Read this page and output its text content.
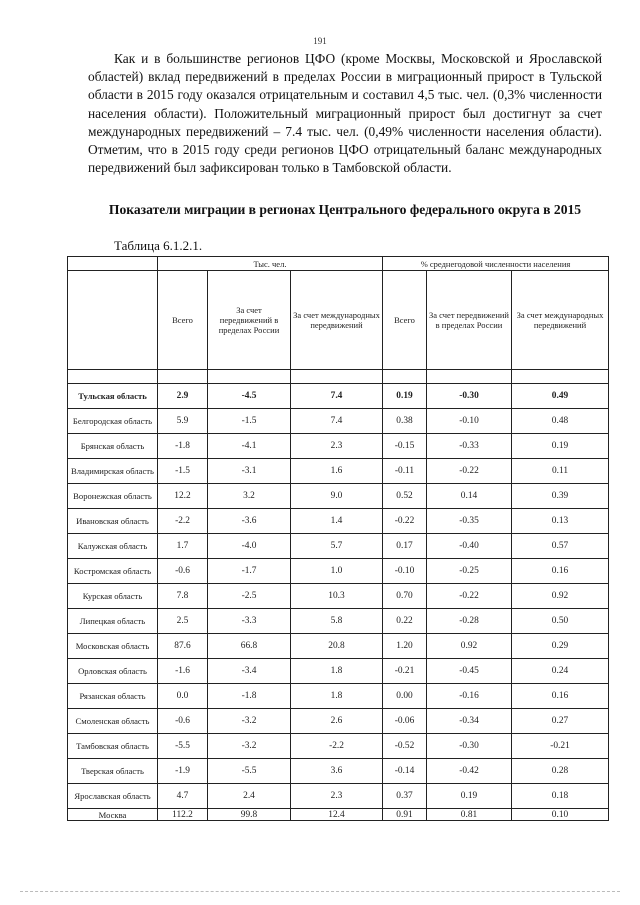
191

Как и в большинстве регионов ЦФО (кроме Москвы, Московской и Ярославской областей) вклад передвижений в пределах России в миграционный прирост в Тульской области в 2015 году оказался отрицательным и составил 4,5 тыс. чел. (0,3% численности населения области). Положительный миграционный прирост был достигнут за счет международных передвижений – 7.4 тыс. чел. (0,49% численности населения области). Отметим, что в 2015 году среди регионов ЦФО отрицательный баланс международных передвижений был зафиксирован только в Тамбовской области.

Показатели миграции в регионах Центрального федерального округа в 2015

Таблица 6.1.2.1.

	Тыс. чел.			% среднегодовой численности населения		
	Всего	За счет передвижений в пределах России	За счет международных передвижений	Всего	За счет передвижений в пределах России	За счет международных передвижений

Тульская область	2.9	-4.5	7.4	0.19	-0.30	0.49
Белгородская область	5.9	-1.5	7.4	0.38	-0.10	0.48
Брянская область	-1.8	-4.1	2.3	-0.15	-0.33	0.19
Владимирская область	-1.5	-3.1	1.6	-0.11	-0.22	0.11
Воронежская область	12.2	3.2	9.0	0.52	0.14	0.39
Ивановская область	-2.2	-3.6	1.4	-0.22	-0.35	0.13
Калужская область	1.7	-4.0	5.7	0.17	-0.40	0.57
Костромская область	-0.6	-1.7	1.0	-0.10	-0.25	0.16
Курская область	7.8	-2.5	10.3	0.70	-0.22	0.92
Липецкая область	2.5	-3.3	5.8	0.22	-0.28	0.50
Московская область	87.6	66.8	20.8	1.20	0.92	0.29
Орловская область	-1.6	-3.4	1.8	-0.21	-0.45	0.24
Рязанская область	0.0	-1.8	1.8	0.00	-0.16	0.16
Смоленская область	-0.6	-3.2	2.6	-0.06	-0.34	0.27
Тамбовская область	-5.5	-3.2	-2.2	-0.52	-0.30	-0.21
Тверская область	-1.9	-5.5	3.6	-0.14	-0.42	0.28
Ярославская область	4.7	2.4	2.3	0.37	0.19	0.18
Москва	112.2	99.8	12.4	0.91	0.81	0.10
